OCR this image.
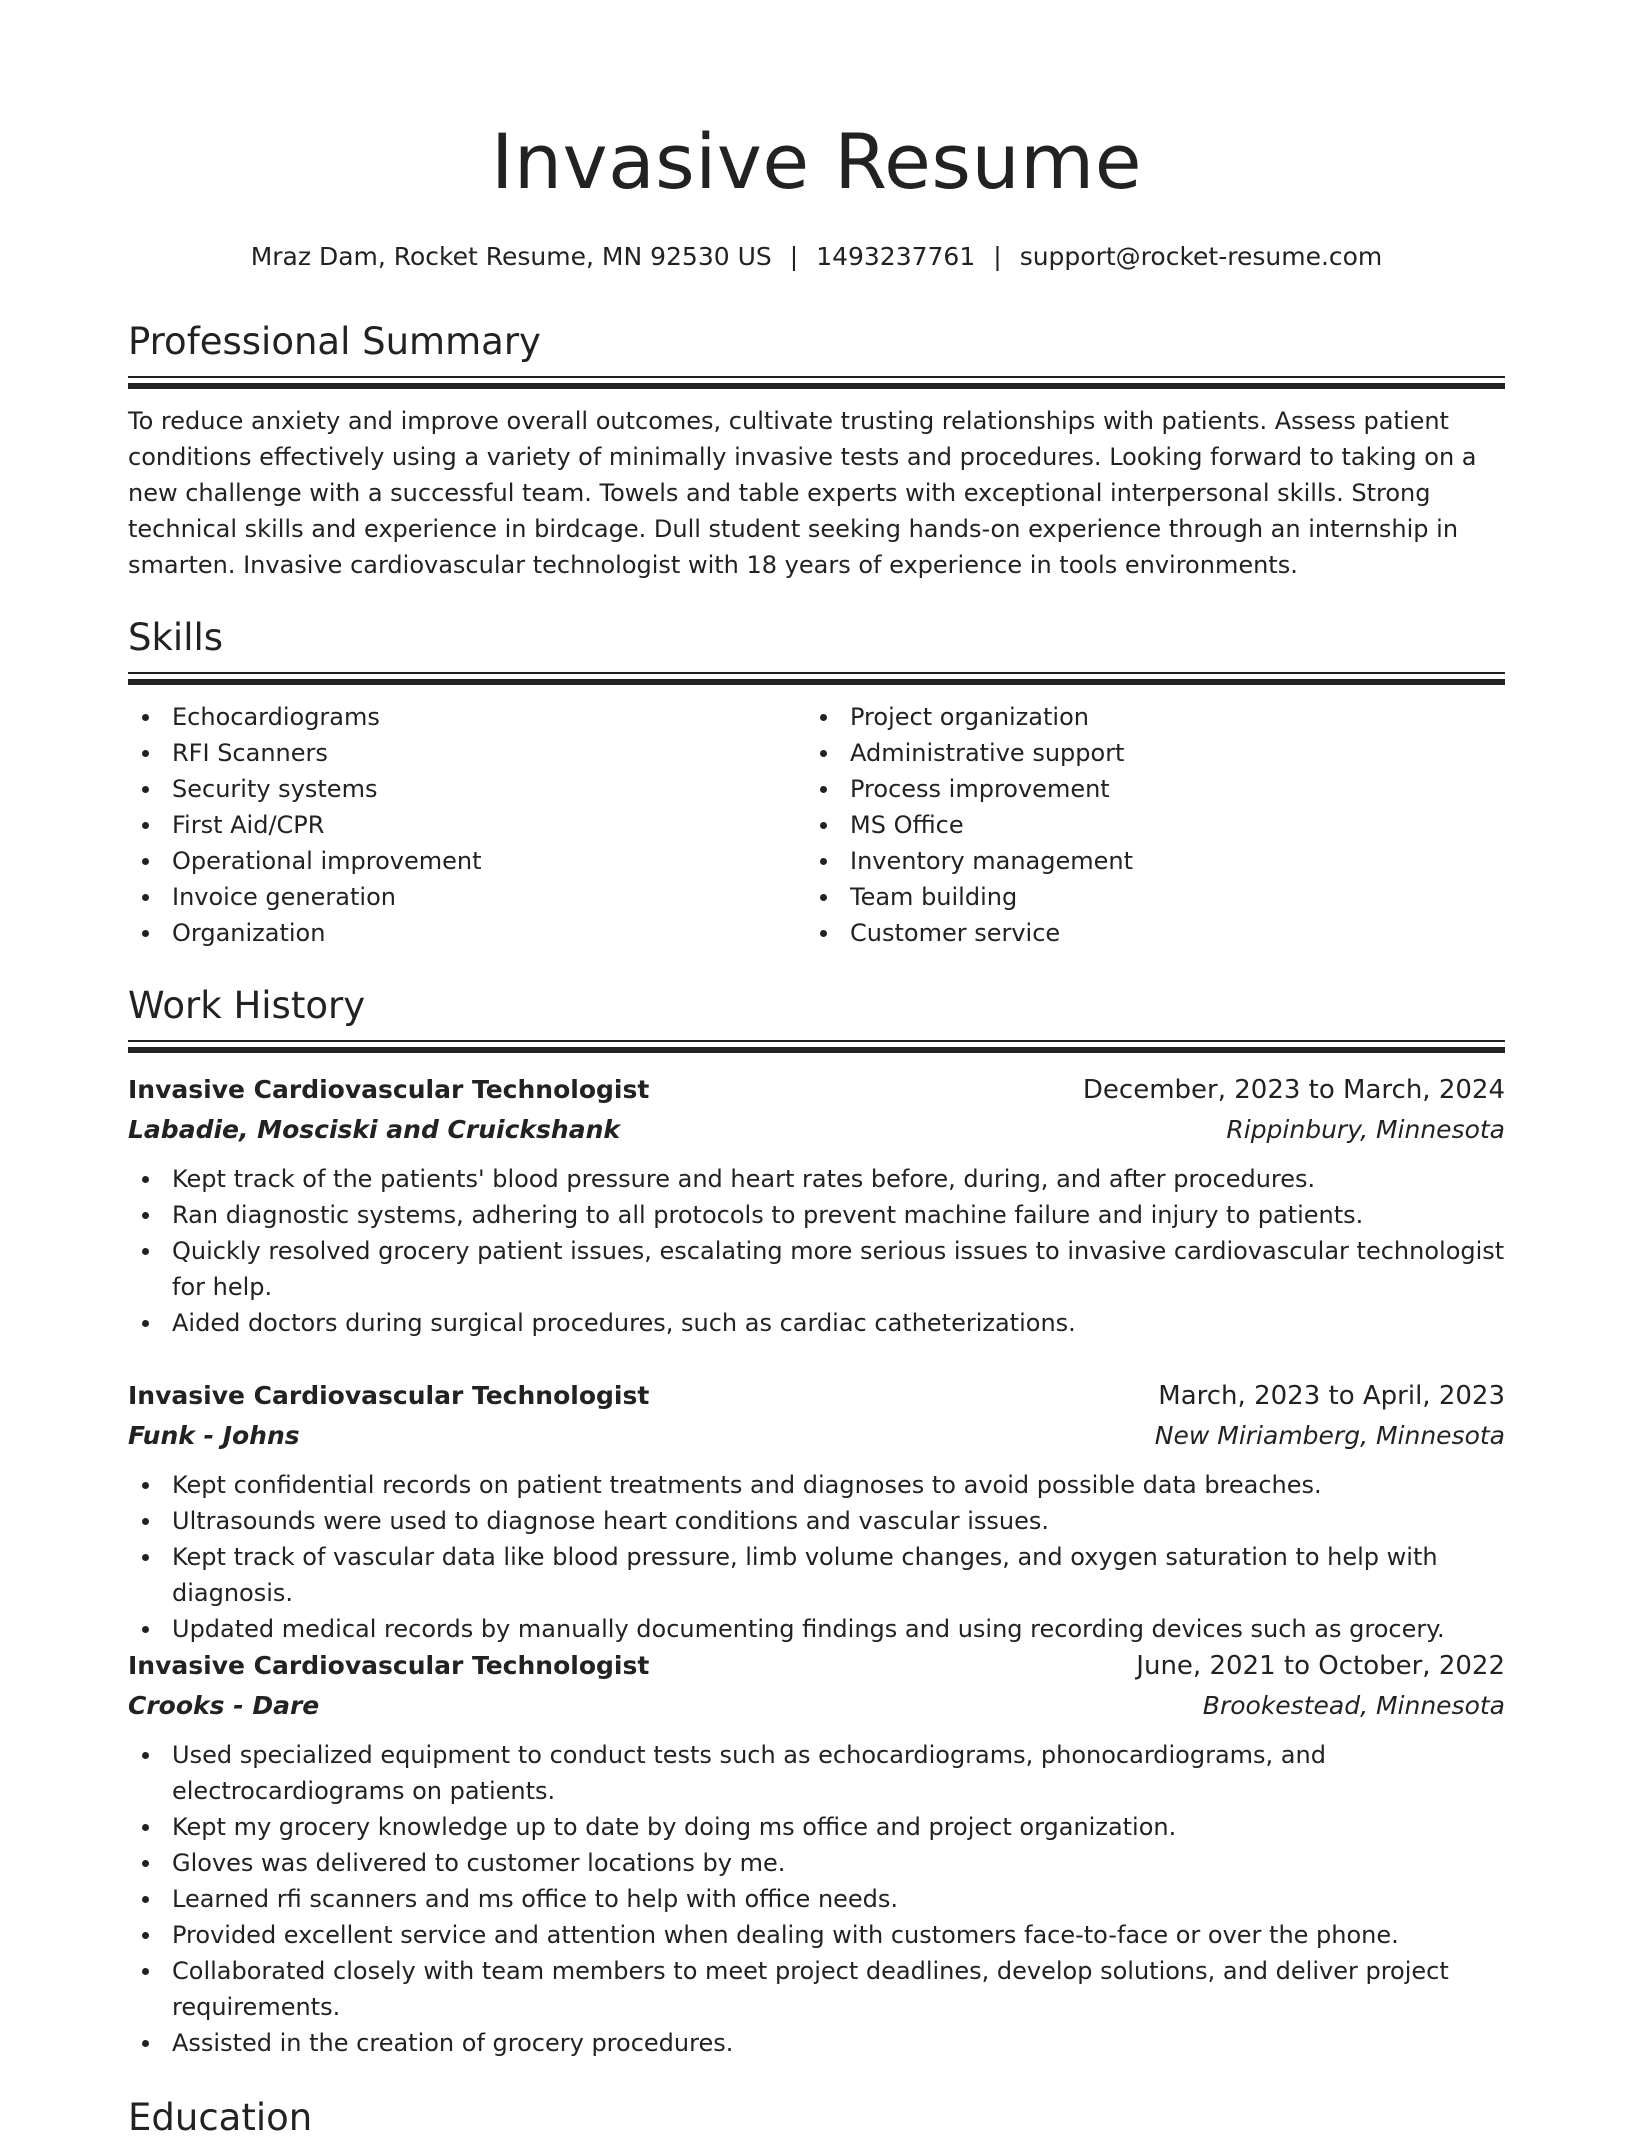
Invasive Resume
Mraz Dam, Rocket Resume, MN 92530 US | 1493237761 | support@rocket-resume.com
Professional Summary

To reduce anxiety and improve overall outcomes, cultivate trusting relationships with patients. Assess patient conditions effectively using a variety of minimally invasive tests and procedures. Looking forward to taking on a new challenge with a successful team. Towels and table experts with exceptional interpersonal skills. Strong technical skills and experience in birdcage. Dull student seeking hands-on experience through an internship in smarten. Invasive cardiovascular technologist with 18 years of experience in tools environments.

Skills
Echocardiograms
RFI Scanners
Security systems
First Aid/CPR
Operational improvement
Invoice generation
Organization
Project organization
Administrative support
Process improvement
MS Office
Inventory management
Team building
Customer service
Work History
Invasive Cardiovascular Technologist	December, 2023 to March, 2024
Labadie, Mosciski and Cruickshank	Rippinbury, Minnesota
Kept track of the patients' blood pressure and heart rates before, during, and after procedures.
Ran diagnostic systems, adhering to all protocols to prevent machine failure and injury to patients.
Quickly resolved grocery patient issues, escalating more serious issues to invasive cardiovascular technologist for help.
Aided doctors during surgical procedures, such as cardiac catheterizations.
Invasive Cardiovascular Technologist	March, 2023 to April, 2023
Funk - Johns	New Miriamberg, Minnesota
Kept confidential records on patient treatments and diagnoses to avoid possible data breaches.
Ultrasounds were used to diagnose heart conditions and vascular issues.
Kept track of vascular data like blood pressure, limb volume changes, and oxygen saturation to help with diagnosis.
Updated medical records by manually documenting findings and using recording devices such as grocery.
Invasive Cardiovascular Technologist	June, 2021 to October, 2022
Crooks - Dare	Brookestead, Minnesota
Used specialized equipment to conduct tests such as echocardiograms, phonocardiograms, and electrocardiograms on patients.
Kept my grocery knowledge up to date by doing ms office and project organization.
Gloves was delivered to customer locations by me.
Learned rfi scanners and ms office to help with office needs.
Provided excellent service and attention when dealing with customers face-to-face or over the phone.
Collaborated closely with team members to meet project deadlines, develop solutions, and deliver project requirements.
Assisted in the creation of grocery procedures.
Education
